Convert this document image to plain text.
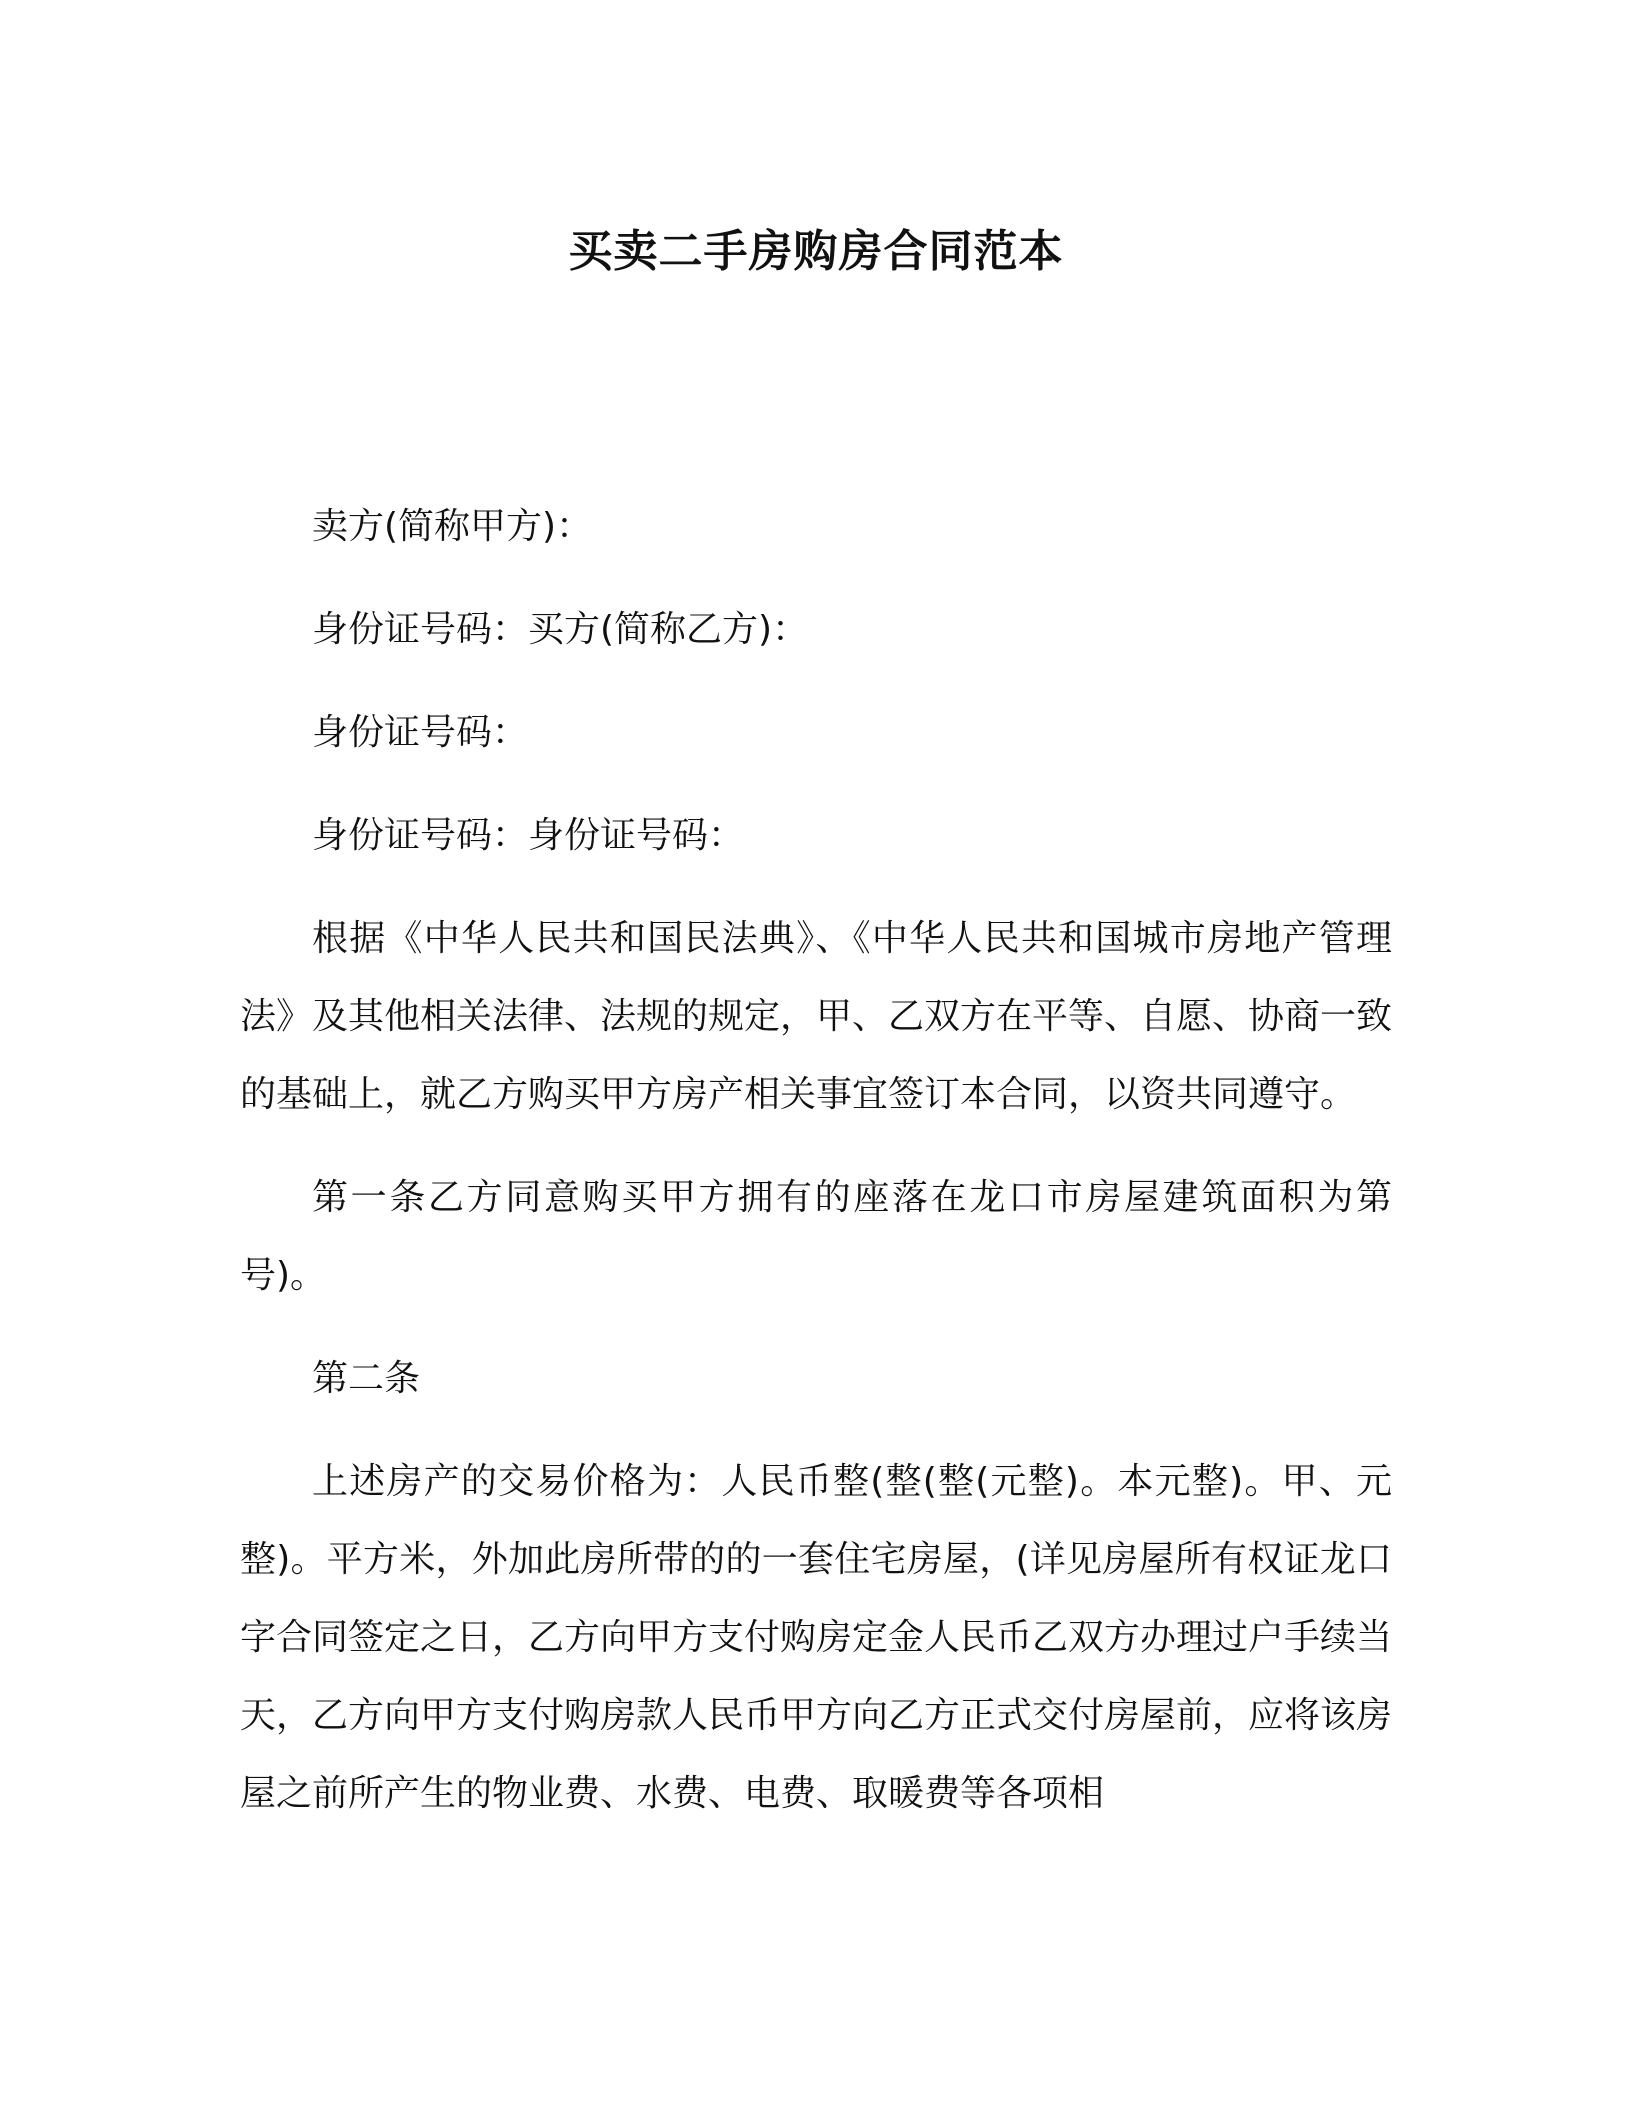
买卖二手房购房合同范本

卖方(简称甲方)：

身份证号码：买方(简称乙方)：

身份证号码：

身份证号码：身份证号码：

根据《中华人民共和国民法典》、《中华人民共和国城市房地产管理法》及其他相关法律、法规的规定，甲、乙双方在平等、自愿、协商一致的基础上，就乙方购买甲方房产相关事宜签订本合同，以资共同遵守。

第一条乙方同意购买甲方拥有的座落在龙口市房屋建筑面积为第号)。

第二条

上述房产的交易价格为：人民币整(整(整(元整)。本元整)。甲、元整)。平方米，外加此房所带的的一套住宅房屋，(详见房屋所有权证龙口字合同签定之日，乙方向甲方支付购房定金人民币乙双方办理过户手续当天，乙方向甲方支付购房款人民币甲方向乙方正式交付房屋前，应将该房屋之前所产生的物业费、水费、电费、取暖费等各项相
